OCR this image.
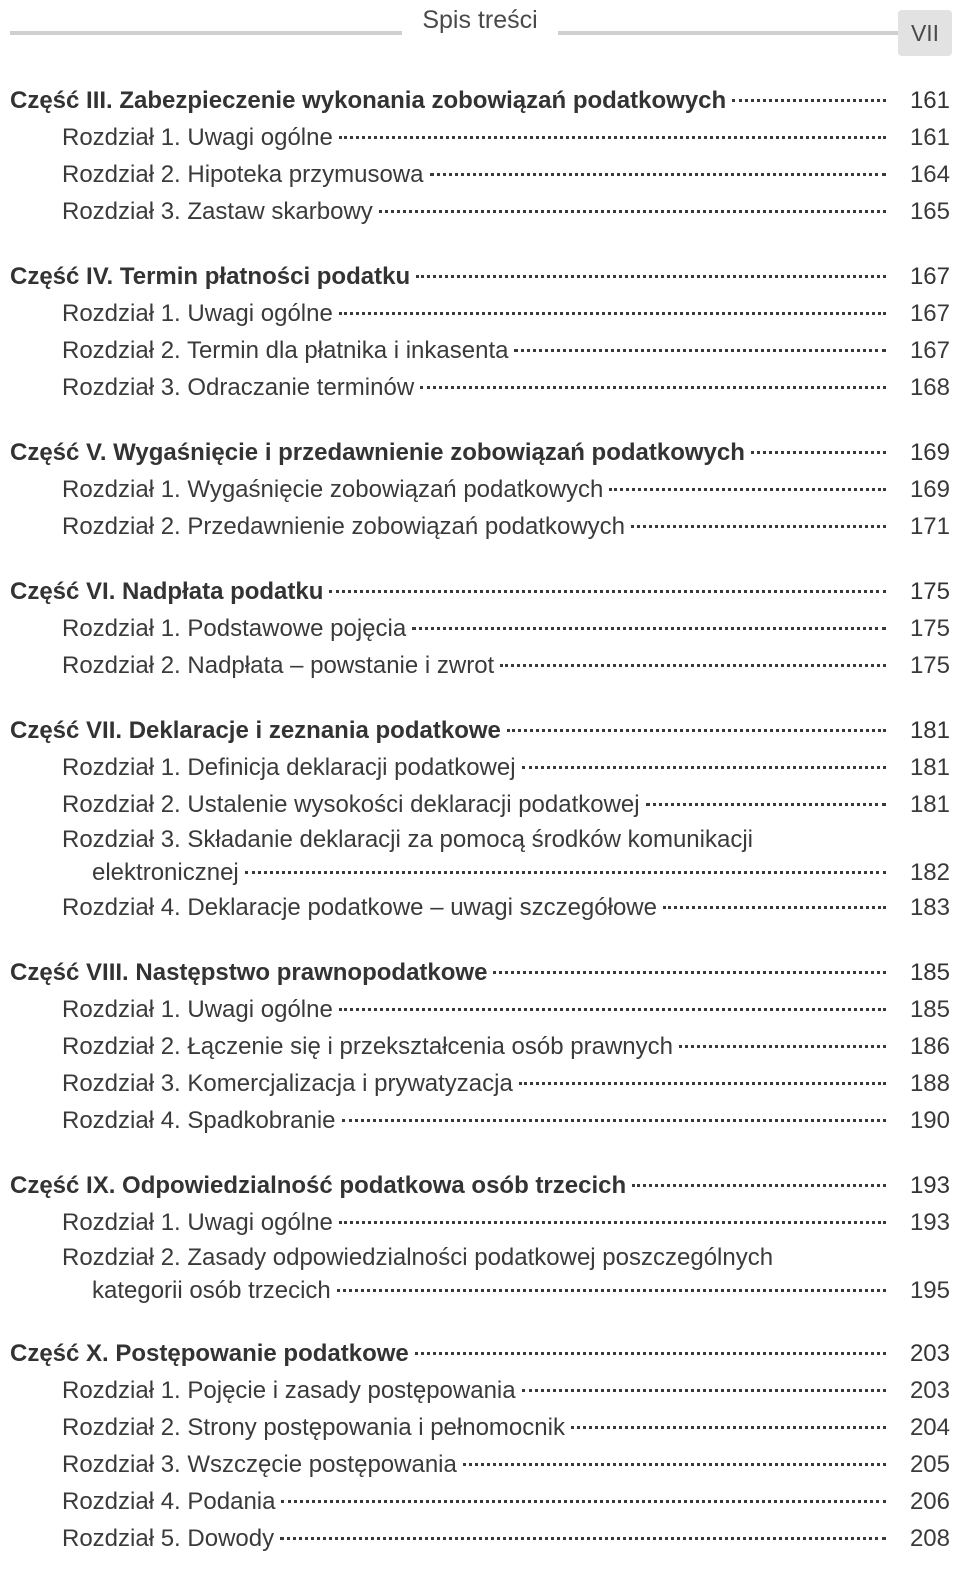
Spis treści	VII
Część III. Zabezpieczenie wykonania zobowiązań podatkowych	161
Rozdział 1. Uwagi ogólne	161
Rozdział 2. Hipoteka przymusowa	164
Rozdział 3. Zastaw skarbowy	165
Część IV. Termin płatności podatku	167
Rozdział 1. Uwagi ogólne	167
Rozdział 2. Termin dla płatnika i inkasenta	167
Rozdział 3. Odraczanie terminów	168
Część V. Wygaśnięcie i przedawnienie zobowiązań podatkowych	169
Rozdział 1. Wygaśnięcie zobowiązań podatkowych	169
Rozdział 2. Przedawnienie zobowiązań podatkowych	171
Część VI. Nadpłata podatku	175
Rozdział 1. Podstawowe pojęcia	175
Rozdział 2. Nadpłata – powstanie i zwrot	175
Część VII. Deklaracje i zeznania podatkowe	181
Rozdział 1. Definicja deklaracji podatkowej	181
Rozdział 2. Ustalenie wysokości deklaracji podatkowej	181
Rozdział 3. Składanie deklaracji za pomocą środków komunikacji
elektronicznej	182
Rozdział 4. Deklaracje podatkowe – uwagi szczegółowe	183
Część VIII. Następstwo prawnopodatkowe	185
Rozdział 1. Uwagi ogólne	185
Rozdział 2. Łączenie się i przekształcenia osób prawnych	186
Rozdział 3. Komercjalizacja i prywatyzacja	188
Rozdział 4. Spadkobranie	190
Część IX. Odpowiedzialność podatkowa osób trzecich	193
Rozdział 1. Uwagi ogólne	193
Rozdział 2. Zasady odpowiedzialności podatkowej poszczególnych
kategorii osób trzecich	195
Część X. Postępowanie podatkowe	203
Rozdział 1. Pojęcie i zasady postępowania	203
Rozdział 2. Strony postępowania i pełnomocnik	204
Rozdział 3. Wszczęcie postępowania	205
Rozdział 4. Podania	206
Rozdział 5. Dowody	208
